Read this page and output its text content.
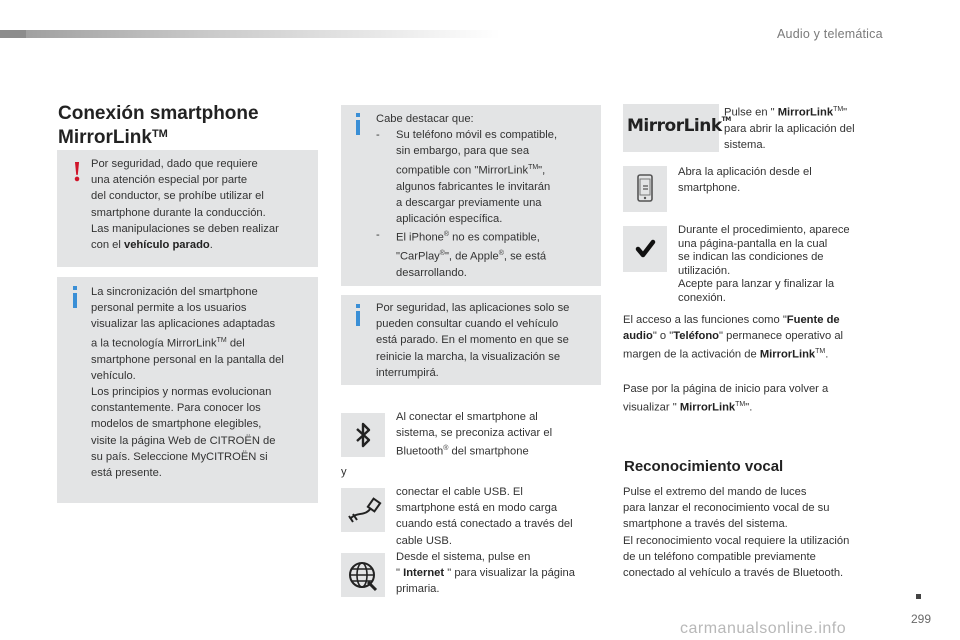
Audio y telemática
Conexión smartphone
MirrorLink™
! Por seguridad, dado que requiere
una atención especial por parte
del conductor, se prohíbe utilizar el
smartphone durante la conducción.
Las manipulaciones se deben realizar
con el vehículo parado.
La sincronización del smartphone
personal permite a los usuarios
visualizar las aplicaciones adaptadas
a la tecnología MirrorLink™ del
smartphone personal en la pantalla del
vehículo.
Los principios y normas evolucionan
constantemente. Para conocer los
modelos de smartphone elegibles,
visite la página Web de CITROËN de
su país. Seleccione MyCITROËN si
está presente.
Cabe destacar que:
- Su teléfono móvil es compatible,
sin embargo, para que sea
compatible con "MirrorLink™",
algunos fabricantes le invitarán
a descargar previamente una
aplicación específica.
- El iPhone® no es compatible,
"CarPlay®", de Apple®, se está
desarrollando.
Por seguridad, las aplicaciones solo se
pueden consultar cuando el vehículo
está parado. En el momento en que se
reinicie la marcha, la visualización se
interrumpirá.
Al conectar el smartphone al
sistema, se preconiza activar el
Bluetooth® del smartphone
y
conectar el cable USB. El
smartphone está en modo carga
cuando está conectado a través del
cable USB.
Desde el sistema, pulse en
" Internet " para visualizar la página
primaria.
MirrorLink™
Pulse en " MirrorLink™"
para abrir la aplicación del
sistema.
Abra la aplicación desde el
smartphone.
Durante el procedimiento, aparece
una página-pantalla en la cual
se indican las condiciones de
utilización.
Acepte para lanzar y finalizar la
conexión.
El acceso a las funciones como "Fuente de
audio" o "Teléfono" permanece operativo al
margen de la activación de MirrorLink™.
Pase por la página de inicio para volver a
visualizar " MirrorLink™".
Reconocimiento vocal
Pulse el extremo del mando de luces
para lanzar el reconocimiento vocal de su
smartphone a través del sistema.
El reconocimiento vocal requiere la utilización
de un teléfono compatible previamente
conectado al vehículo a través de Bluetooth.
299
carmanualsonline.info
